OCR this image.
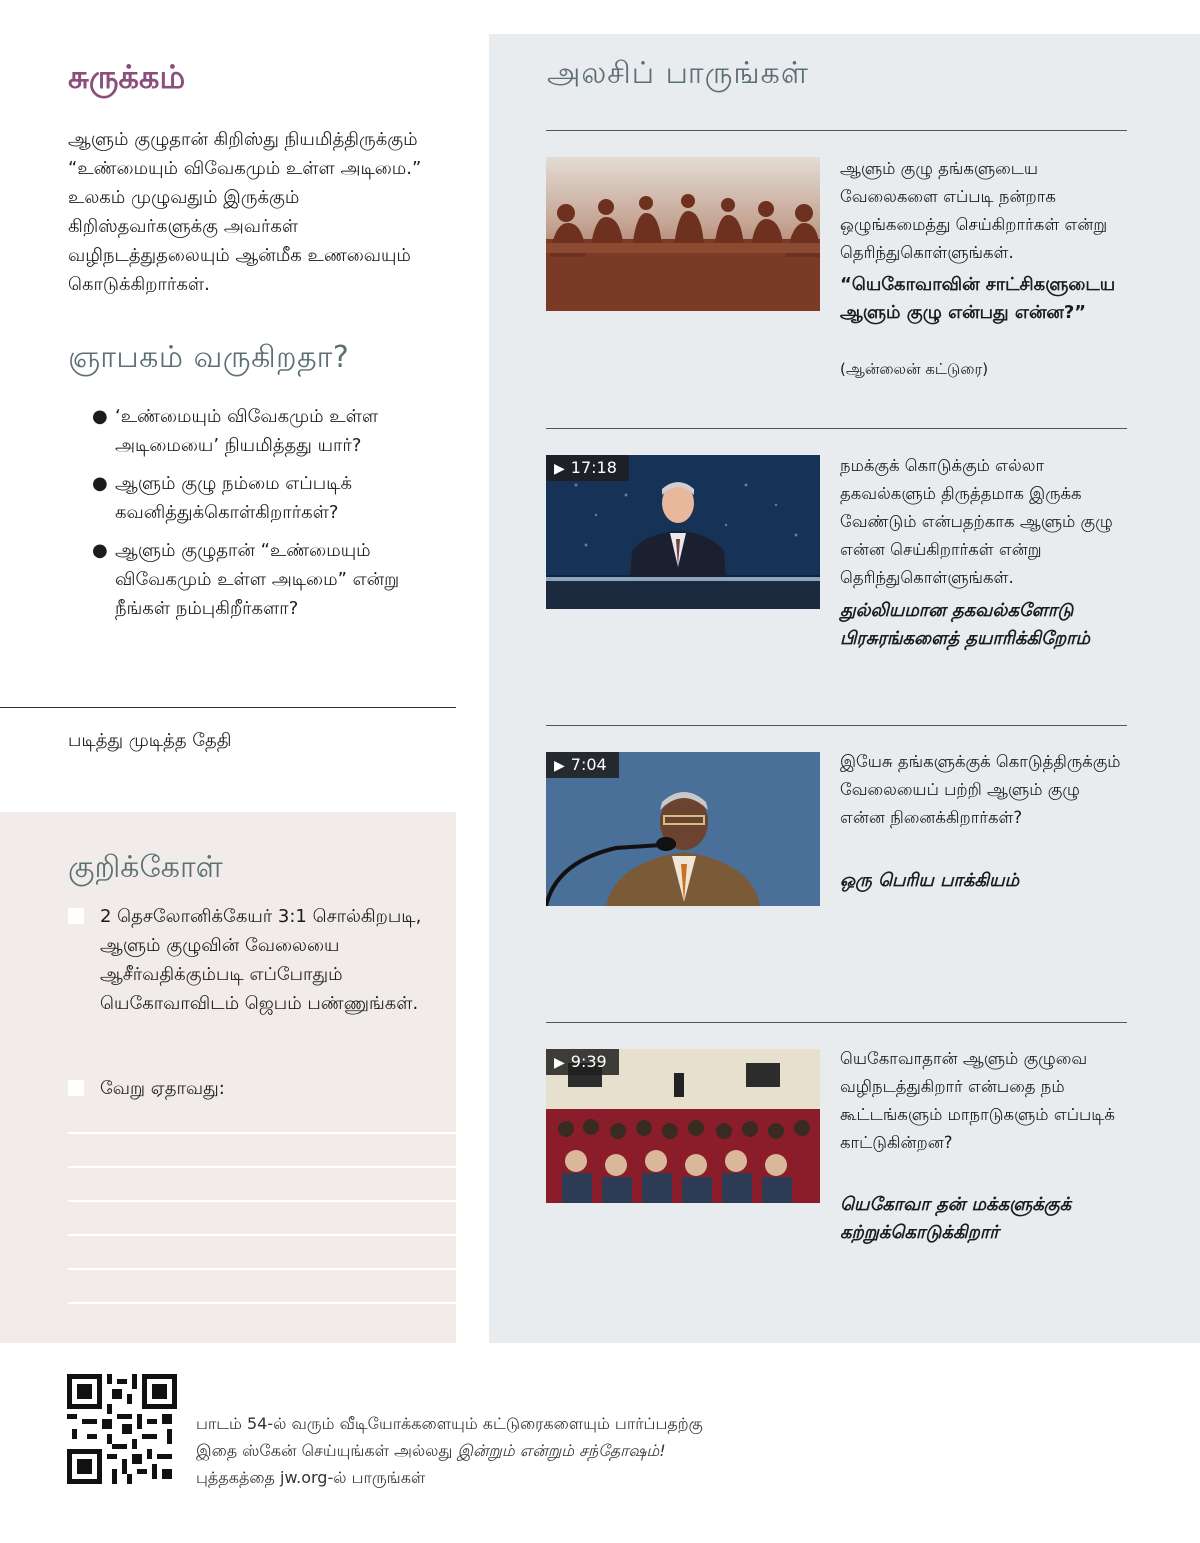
சுருக்கம்

ஆளும் குழுதான் கிறிஸ்து நியமித்திருக்கும் “உண்மையும் விவேகமும் உள்ள அடிமை.” உலகம் முழுவதும் இருக்கும் கிறிஸ்தவர்களுக்கு அவர்கள் வழிநடத்துதலையும் ஆன்மீக உணவையும் கொடுக்கிறார்கள்.

ஞாபகம் வருகிறதா?
● ‘உண்மையும் விவேகமும் உள்ள அடிமையை’ நியமித்தது யார்?
● ஆளும் குழு நம்மை எப்படிக் கவனித்துக்கொள்கிறார்கள்?
● ஆளும் குழுதான் “உண்மையும் விவேகமும் உள்ள அடிமை” என்று நீங்கள் நம்புகிறீர்களா?
படித்து முடித்த தேதி
குறிக்கோள்
2 தெசலோனிக்கேயர் 3:1 சொல்கிறபடி, ஆளும் குழுவின் வேலையை ஆசீர்வதிக்கும்படி எப்போதும் யெகோவாவிடம் ஜெபம் பண்ணுங்கள்.
வேறு ஏதாவது:
அலசிப் பாருங்கள்

ஆளும் குழு தங்களுடைய வேலைகளை எப்படி நன்றாக ஒழுங்கமைத்து செய்கிறார்கள் என்று தெரிந்துகொள்ளுங்கள்.

“யெகோவாவின் சாட்சிகளுடைய ஆளும் குழு என்பது என்ன?”

(ஆன்லைன் கட்டுரை)
▶ 17:18	நமக்குக் கொடுக்கும் எல்லா தகவல்களும் திருத்தமாக இருக்க வேண்டும் என்பதற்காக ஆளும் குழு என்ன செய்கிறார்கள் என்று தெரிந்துகொள்ளுங்கள்.

துல்லியமான தகவல்களோடு பிரசுரங்களைத் தயாரிக்கிறோம்

▶ 7:04	இயேசு தங்களுக்குக் கொடுத்திருக்கும் வேலையைப் பற்றி ஆளும் குழு என்ன நினைக்கிறார்கள்?

ஒரு பெரிய பாக்கியம்

▶ 9:39	யெகோவாதான் ஆளும் குழுவை வழிநடத்துகிறார் என்பதை நம் கூட்டங்களும் மாநாடுகளும் எப்படிக் காட்டுகின்றன?

யெகோவா தன் மக்களுக்குக் கற்றுக்கொடுக்கிறார்

பாடம் 54-ல் வரும் வீடியோக்களையும் கட்டுரைகளையும் பார்ப்பதற்கு இதை ஸ்கேன் செய்யுங்கள் அல்லது இன்றும் என்றும் சந்தோஷம்! புத்தகத்தை jw.org-ல் பாருங்கள்
